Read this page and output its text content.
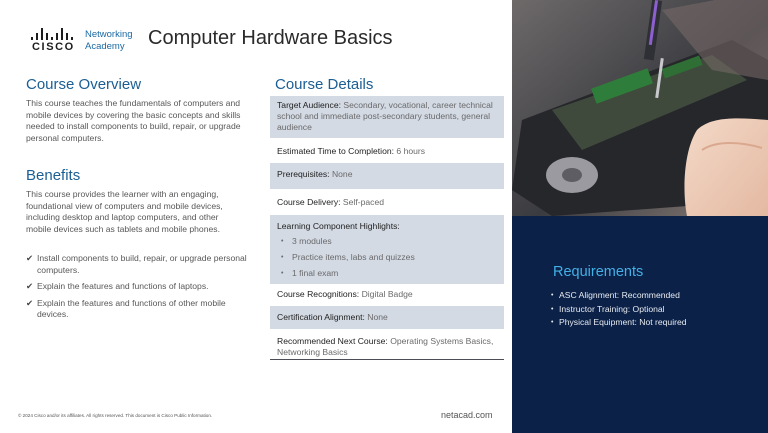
CISCO
Networking
Academy	Computer Hardware Basics
Course Overview

This course teaches the fundamentals of computers and mobile devices by covering the basic concepts and skills needed to install components to build, repair, or upgrade personal computers.

Benefits

This course provides the learner with an engaging, foundational view of computers and mobile devices, including desktop and laptop computers, and other mobile devices such as tablets and mobile phones.

✔ Install components to build, repair, or upgrade personal computers.
✔ Explain the features and functions of laptops.
✔ Explain the features and functions of other mobile devices.
Course Details
Target Audience: Secondary, vocational, career technical school and immediate post-secondary students, general audience
Estimated Time to Completion: 6 hours
Prerequisites: None
Course Delivery: Self-paced
Learning Component Highlights:
• 3 modules
• Practice items, labs and quizzes
• 1 final exam
Course Recognitions: Digital Badge
Certification Alignment: None
Recommended Next Course: Operating Systems Basics, Networking Basics
Requirements
• ASC Alignment: Recommended
• Instructor Training: Optional
• Physical Equipment: Not required
© 2024 Cisco and/or its affiliates. All rights reserved. This document is Cisco Public Information.	netacad.com
